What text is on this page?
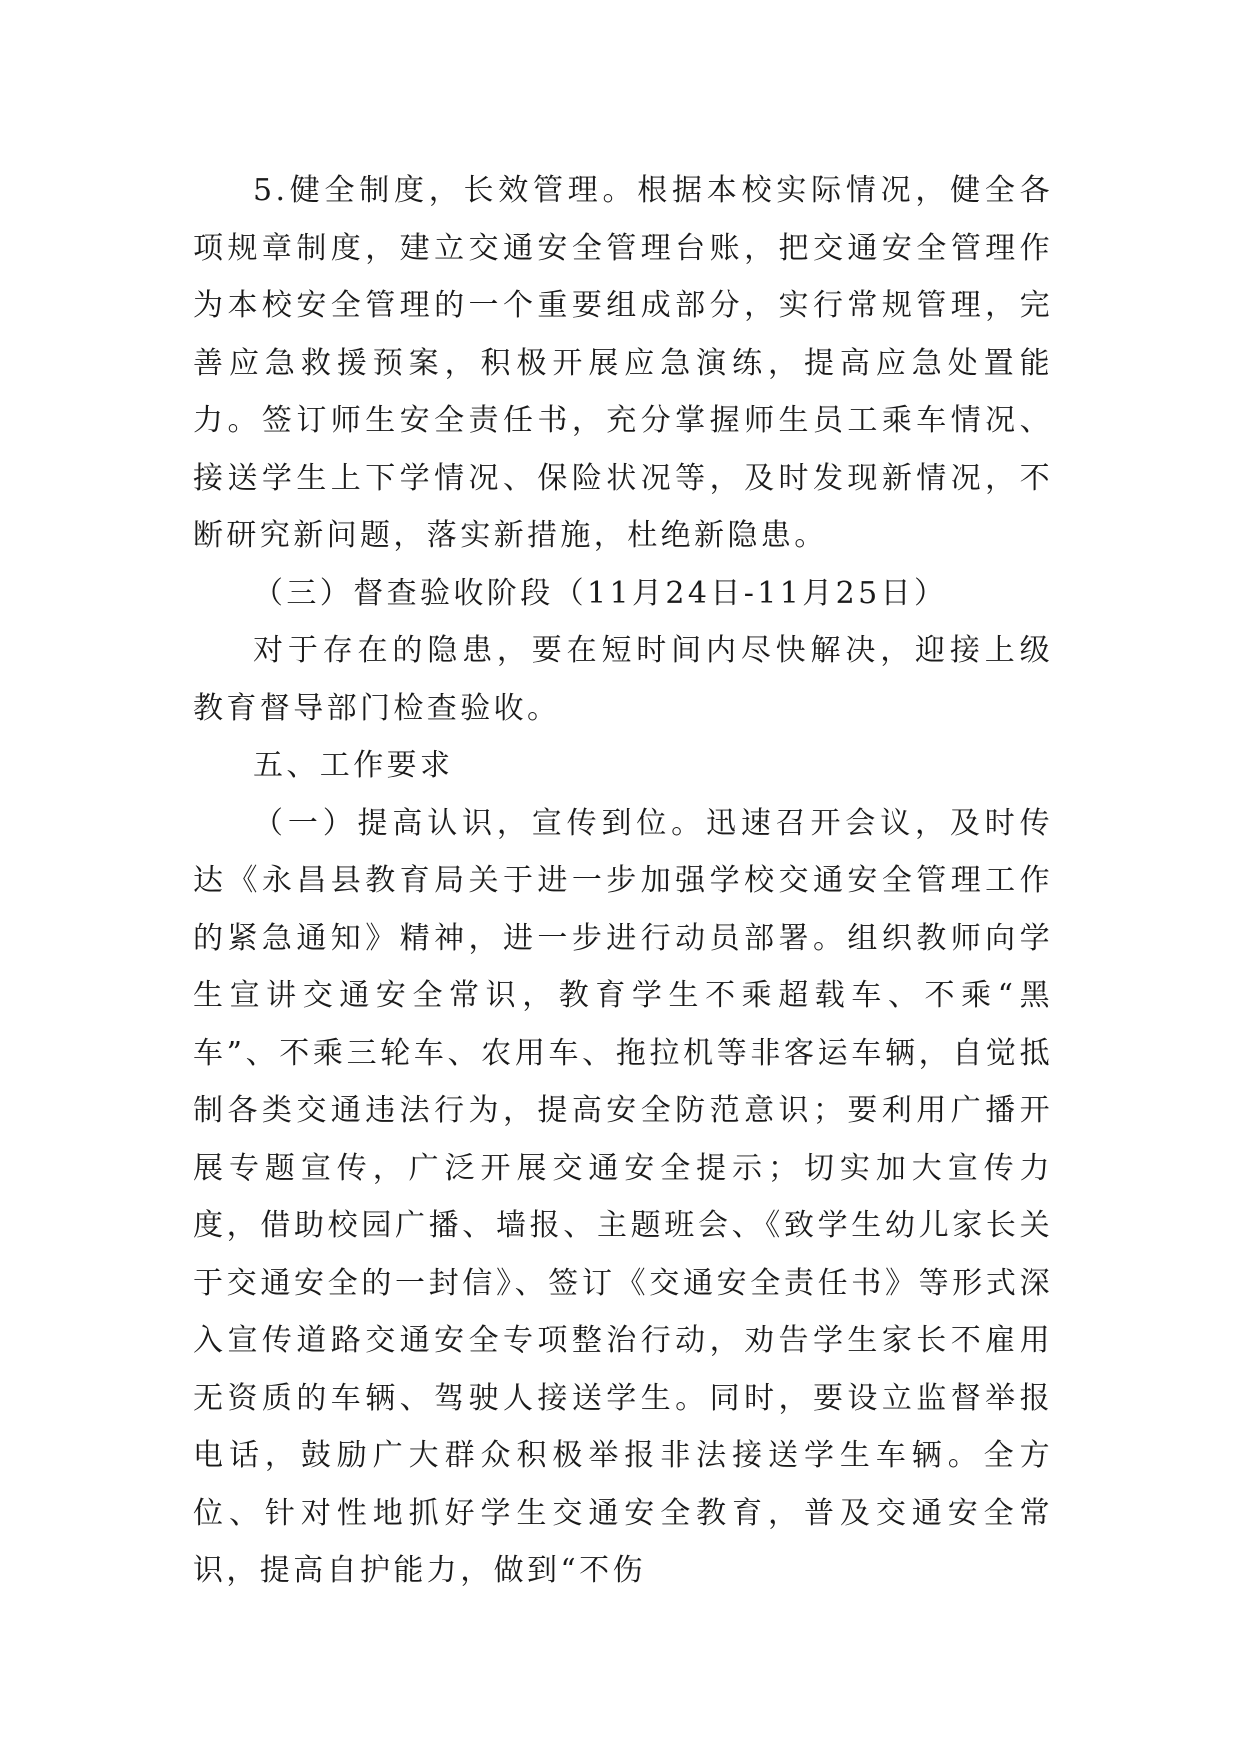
5.健全制度，长效管理。根据本校实际情况，健全各项规章制度，建立交通安全管理台账，把交通安全管理作为本校安全管理的一个重要组成部分，实行常规管理，完善应急救援预案，积极开展应急演练，提高应急处置能力。签订师生安全责任书，充分掌握师生员工乘车情况、接送学生上下学情况、保险状况等，及时发现新情况，不断研究新问题，落实新措施，杜绝新隐患。

（三）督查验收阶段（11月24日-11月25日）

对于存在的隐患，要在短时间内尽快解决，迎接上级教育督导部门检查验收。

五、工作要求

（一）提高认识，宣传到位。迅速召开会议，及时传达《永昌县教育局关于进一步加强学校交通安全管理工作的紧急通知》精神，进一步进行动员部署。组织教师向学生宣讲交通安全常识，教育学生不乘超载车、不乘“黑车”、不乘三轮车、农用车、拖拉机等非客运车辆，自觉抵制各类交通违法行为，提高安全防范意识；要利用广播开展专题宣传，广泛开展交通安全提示；切实加大宣传力度，借助校园广播、墙报、主题班会、《致学生幼儿家长关于交通安全的一封信》、签订《交通安全责任书》等形式深入宣传道路交通安全专项整治行动，劝告学生家长不雇用无资质的车辆、驾驶人接送学生。同时，要设立监督举报电话，鼓励广大群众积极举报非法接送学生车辆。全方位、针对性地抓好学生交通安全教育，普及交通安全常识，提高自护能力，做到“不伤
